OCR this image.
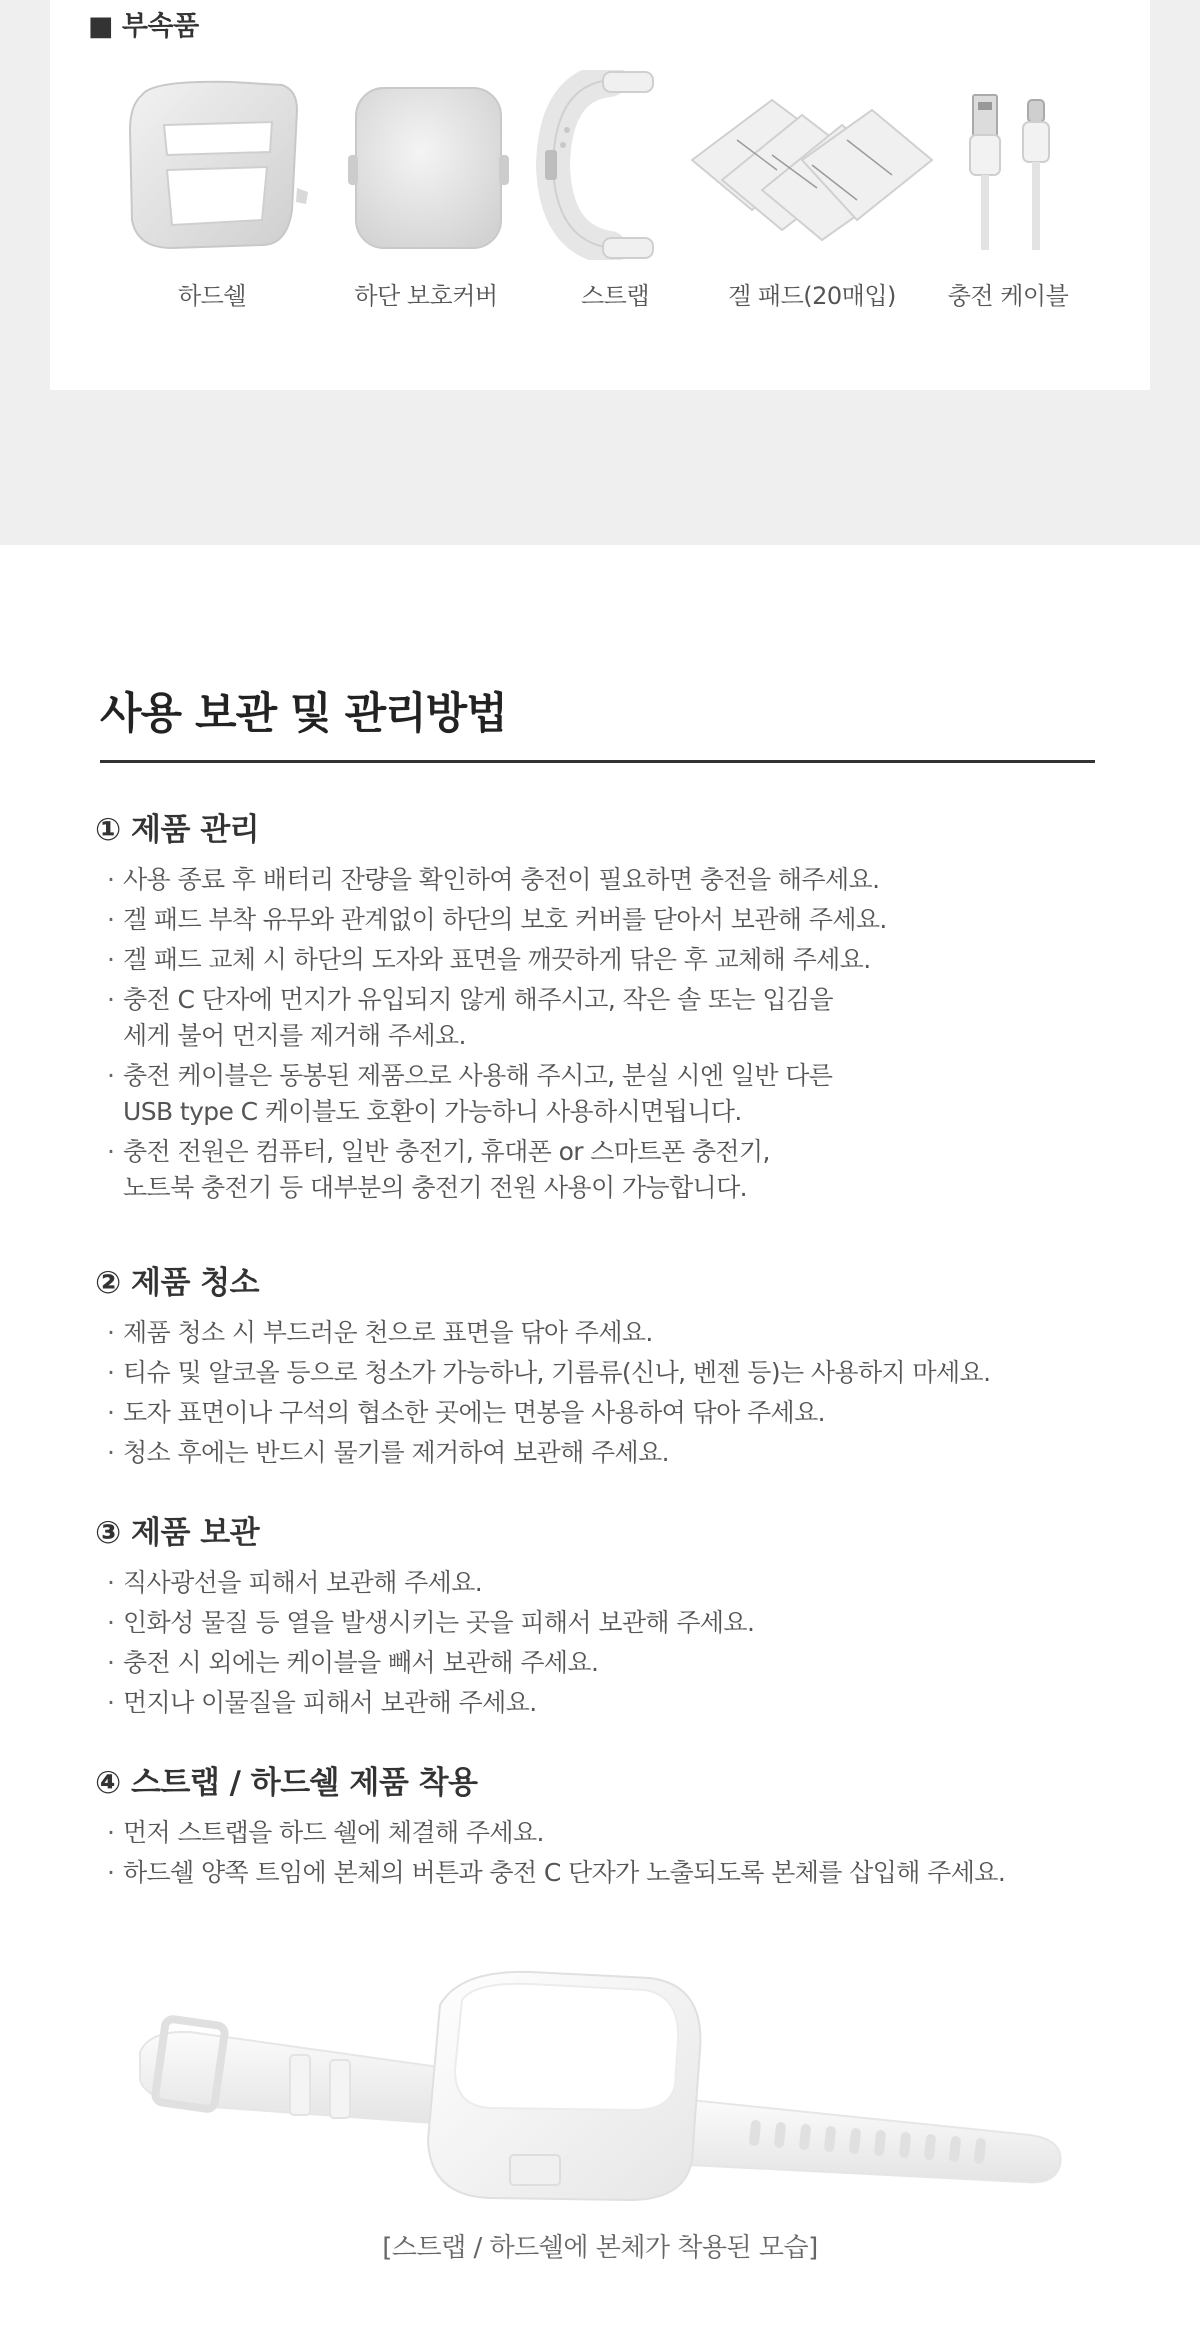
■ 부속품
하드쉘	하단 보호커버	스트랩	겔 패드(20매입)	충전 케이블
사용 보관 및 관리방법
① 제품 관리
· 사용 종료 후 배터리 잔량을 확인하여 충전이 필요하면 충전을 해주세요.
· 겔 패드 부착 유무와 관계없이 하단의 보호 커버를 닫아서 보관해 주세요.
· 겔 패드 교체 시 하단의 도자와 표면을 깨끗하게 닦은 후 교체해 주세요.
· 충전 C 단자에 먼지가 유입되지 않게 해주시고, 작은 솔 또는 입김을
세게 불어 먼지를 제거해 주세요.
· 충전 케이블은 동봉된 제품으로 사용해 주시고, 분실 시엔 일반 다른
USB type C 케이블도 호환이 가능하니 사용하시면됩니다.
· 충전 전원은 컴퓨터, 일반 충전기, 휴대폰 or 스마트폰 충전기,
노트북 충전기 등 대부분의 충전기 전원 사용이 가능합니다.
② 제품 청소
· 제품 청소 시 부드러운 천으로 표면을 닦아 주세요.
· 티슈 및 알코올 등으로 청소가 가능하나, 기름류(신나, 벤젠 등)는 사용하지 마세요.
· 도자 표면이나 구석의 협소한 곳에는 면봉을 사용하여 닦아 주세요.
· 청소 후에는 반드시 물기를 제거하여 보관해 주세요.
③ 제품 보관
· 직사광선을 피해서 보관해 주세요.
· 인화성 물질 등 열을 발생시키는 곳을 피해서 보관해 주세요.
· 충전 시 외에는 케이블을 빼서 보관해 주세요.
· 먼지나 이물질을 피해서 보관해 주세요.
④ 스트랩 / 하드쉘 제품 착용
· 먼저 스트랩을 하드 쉘에 체결해 주세요.
· 하드쉘 양쪽 트임에 본체의 버튼과 충전 C 단자가 노출되도록 본체를 삽입해 주세요.
[스트랩 / 하드쉘에 본체가 착용된 모습]
